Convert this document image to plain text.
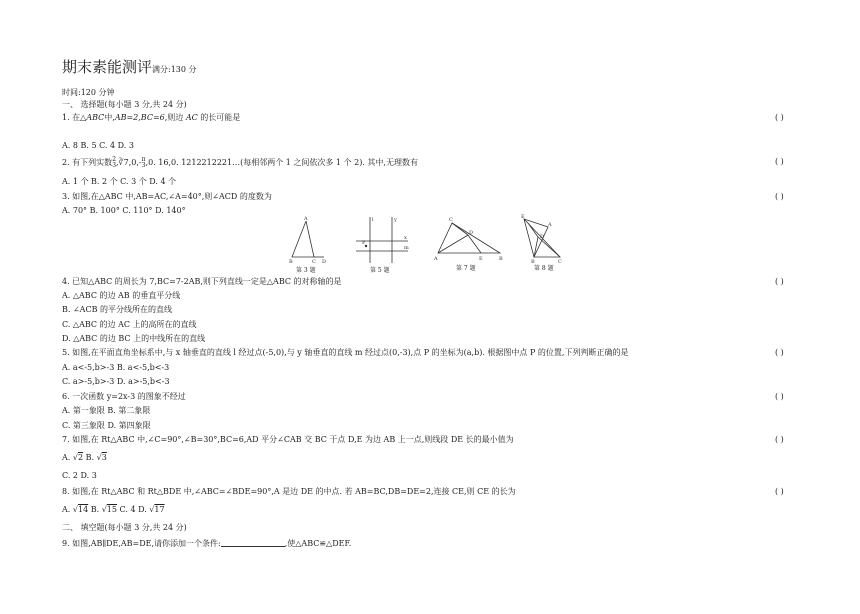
期末素能测评满分:130 分
时间:120 分钟
一、 选择题(每小题 3 分,共 24 分)
1. 在△ABC中,AB=2,BC=6,则边 AC 的长可能是	( )
A. 8 B. 5 C. 4 D. 3
2. 有下列实数 2
3 ,∛7,0,- π
3 ,0. 16,0. 1212212221…(每相邻两个 1 之间依次多 1 个 2). 其中,无理数有	( )
A. 1 个 B. 2 个 C. 3 个 D. 4 个
3. 如图,在△ABC 中,AB=AC,∠A=40°,则∠ACD 的度数为	( )
A. 70° B. 100° C. 110° D. 140°
A
B	C D
l	y
P
x
m
C
D
A	E	B
E
A
D
B	C
第 3 题	第 5 题	第 7 题	第 8 题
4. 已知△ABC 的周长为 7,BC=7-2AB,则下列直线一定是△ABC 的对称轴的是	( )
A. △ABC 的边 AB 的垂直平分线
B. ∠ACB 的平分线所在的直线
C. △ABC 的边 AC 上的高所在的直线
D. △ABC 的边 BC 上的中线所在的直线
5. 如图,在平面直角坐标系中,与 x 轴垂直的直线 l 经过点(-5,0),与 y 轴垂直的直线 m 经过点(0,-3),点 P 的坐标为(a,b). 根据图中点 P 的位置,下列判断正确的是	( )
A. a<-5,b>-3 B. a<-5,b<-3
C. a>-5,b>-3 D. a>-5,b<-3
6. 一次函数 y=2x-3 的图象不经过	( )
A. 第一象限 B. 第二象限
C. 第三象限 D. 第四象限
7. 如图,在 Rt△ABC 中,∠C=90°,∠B=30°,BC=6,AD 平分∠CAB 交 BC 于点 D,E 为边 AB 上一点,则线段 DE 长的最小值为	( )
A. √2 B. √3
C. 2 D. 3
8. 如图,在 Rt△ABC 和 Rt△BDE 中,∠ABC=∠BDE=90°,A 是边 DE 的中点. 若 AB=BC,DB=DE=2,连接 CE,则 CE 的长为	( )
A. √14 B. √15 C. 4 D. √17
二、 填空题(每小题 3 分,共 24 分)
9. 如图,AB∥DE,AB=DE,请你添加一个条件:	,使△ABC≌△DEF.
